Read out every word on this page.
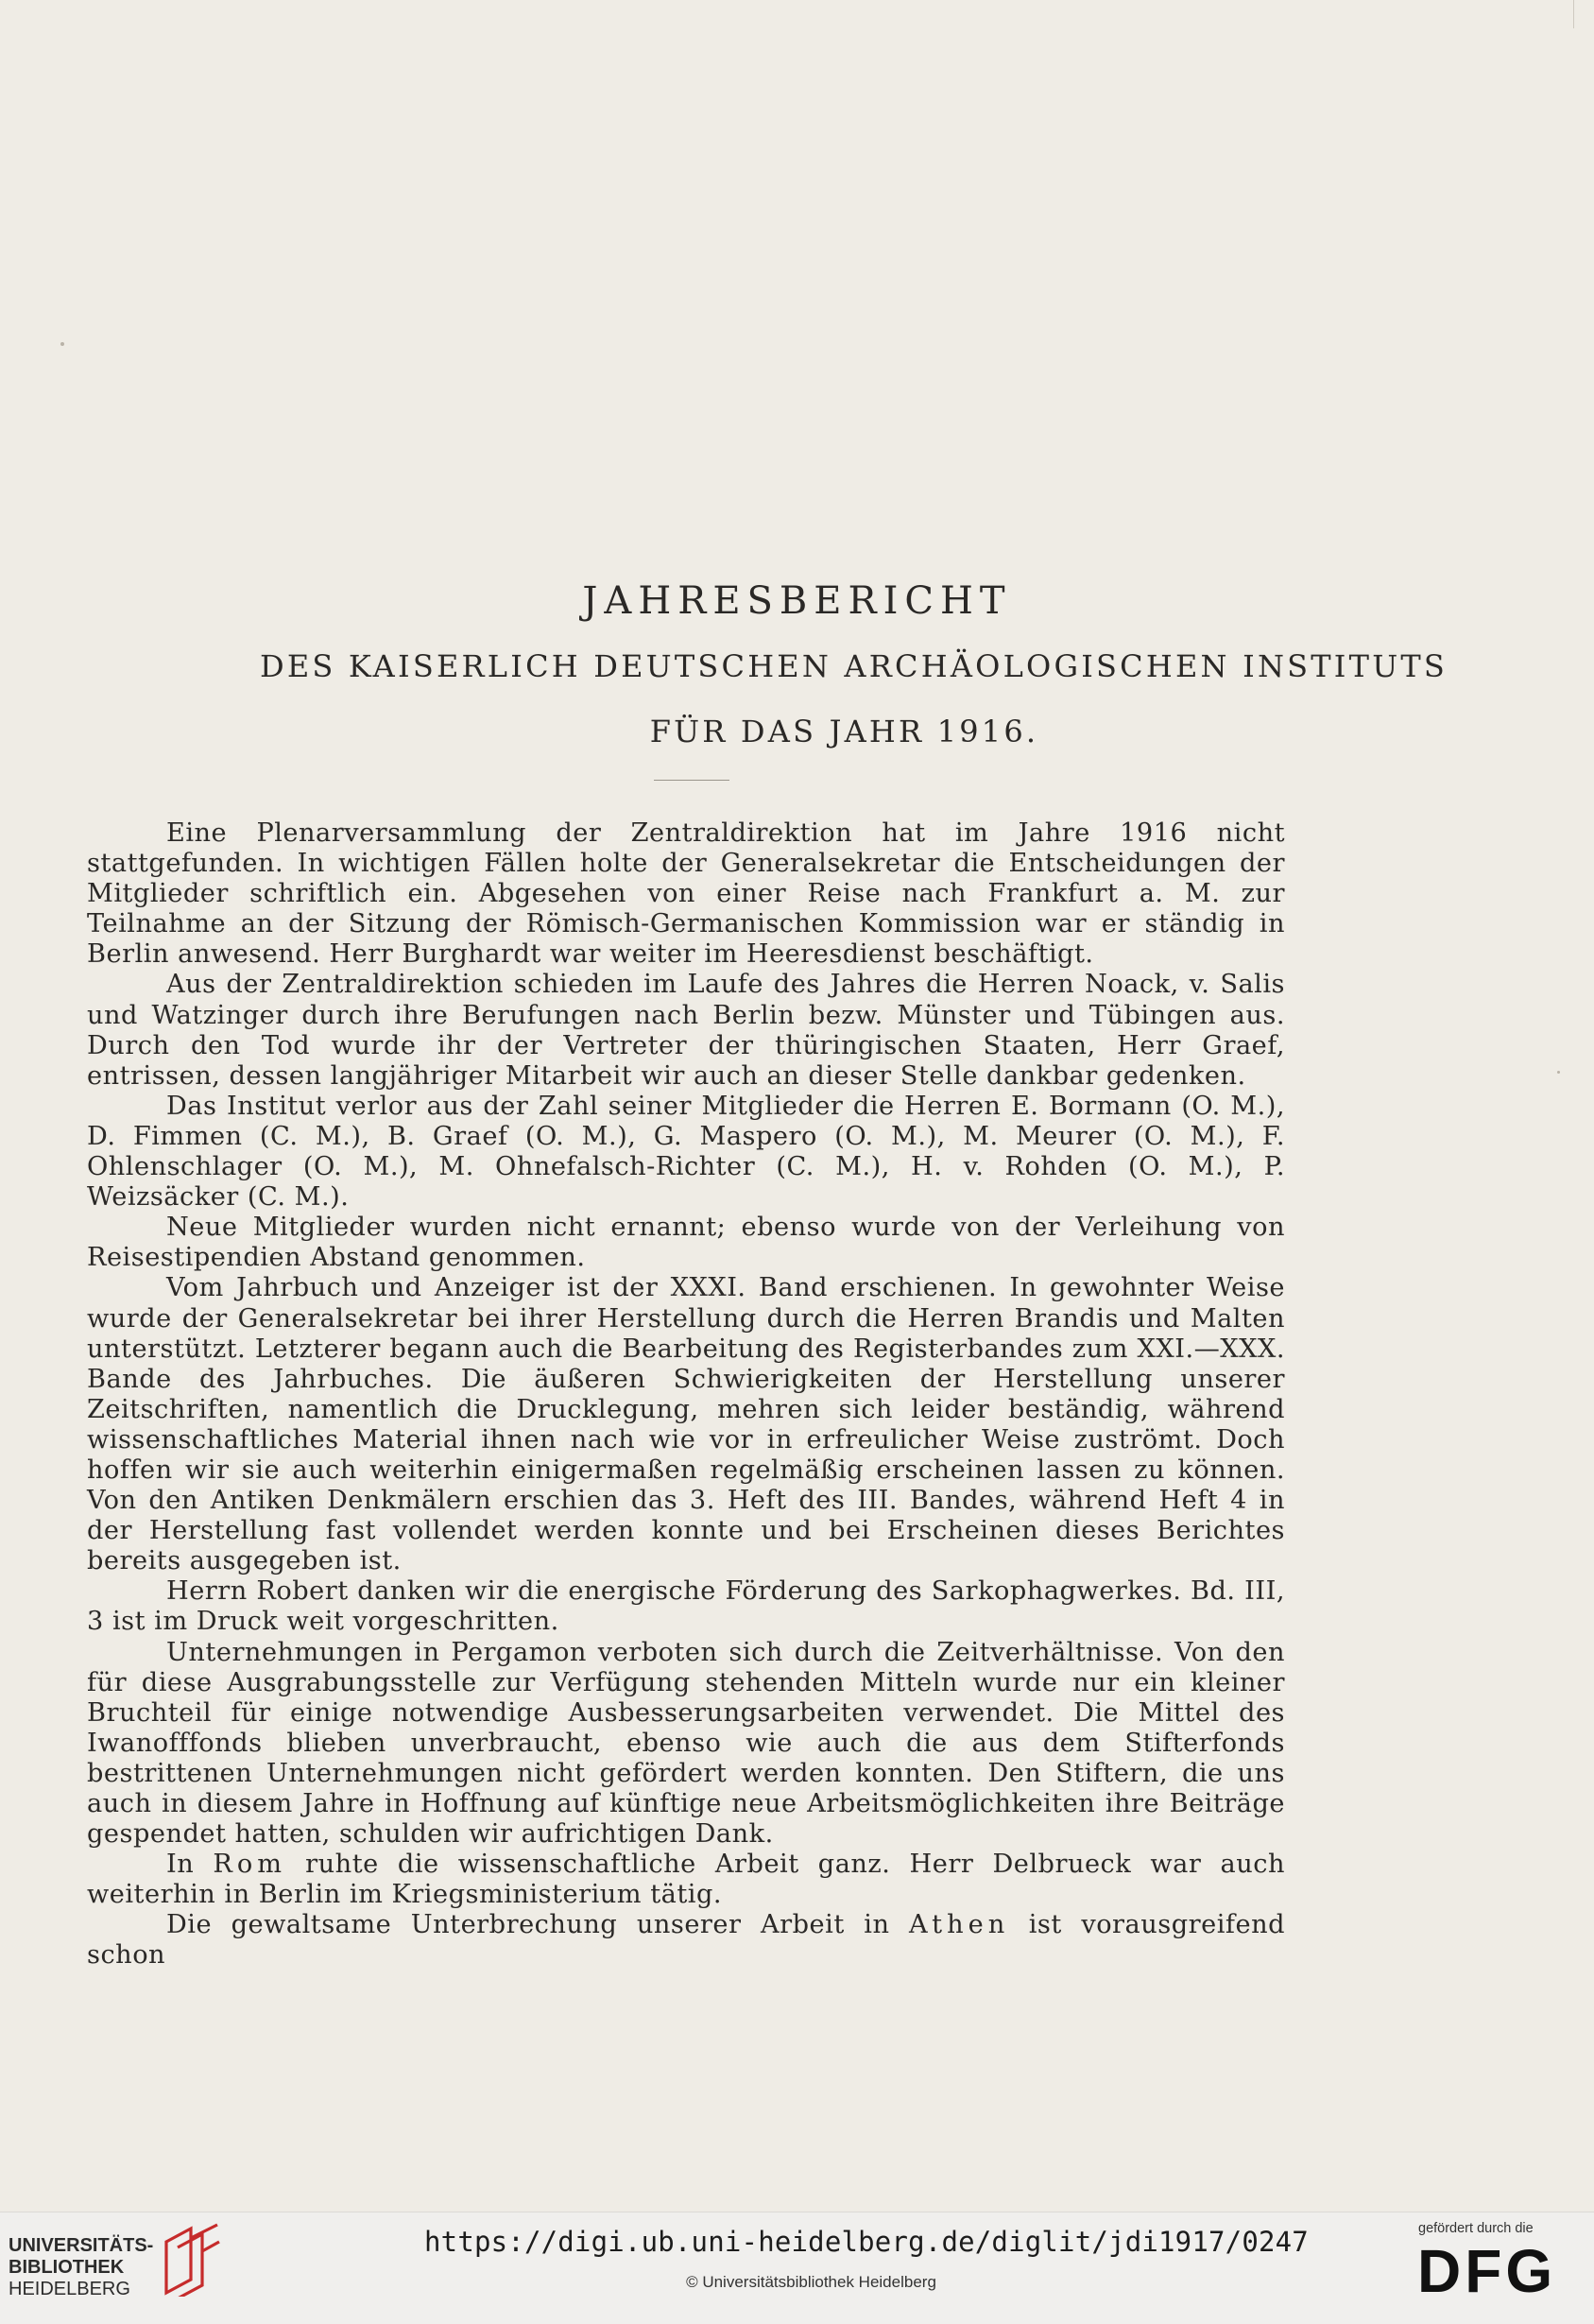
JAHRESBERICHT
DES KAISERLICH DEUTSCHEN ARCHÄOLOGISCHEN INSTITUTS
FÜR DAS JAHR 1916.

Eine Plenarversammlung der Zentraldirektion hat im Jahre 1916 nicht stattgefunden. In wichtigen Fällen holte der Generalsekretar die Entscheidungen der Mitglieder schriftlich ein. Abgesehen von einer Reise nach Frankfurt a. M. zur Teilnahme an der Sitzung der Römisch-Germanischen Kommission war er ständig in Berlin anwesend. Herr Burghardt war weiter im Heeresdienst beschäftigt.

Aus der Zentraldirektion schieden im Laufe des Jahres die Herren Noack, v. Salis und Watzinger durch ihre Berufungen nach Berlin bezw. Münster und Tübingen aus. Durch den Tod wurde ihr der Vertreter der thüringischen Staaten, Herr Graef, entrissen, dessen langjähriger Mitarbeit wir auch an dieser Stelle dankbar gedenken.

Das Institut verlor aus der Zahl seiner Mitglieder die Herren E. Bormann (O. M.), D. Fimmen (C. M.), B. Graef (O. M.), G. Maspero (O. M.), M. Meurer (O. M.), F. Ohlenschlager (O. M.), M. Ohnefalsch-Richter (C. M.), H. v. Rohden (O. M.), P. Weizsäcker (C. M.).

Neue Mitglieder wurden nicht ernannt; ebenso wurde von der Verleihung von Reisestipendien Abstand genommen.

Vom Jahrbuch und Anzeiger ist der XXXI. Band erschienen. In gewohnter Weise wurde der Generalsekretar bei ihrer Herstellung durch die Herren Brandis und Malten unterstützt. Letzterer begann auch die Bearbeitung des Registerbandes zum XXI.—XXX. Bande des Jahrbuches. Die äußeren Schwierigkeiten der Herstellung unserer Zeitschriften, namentlich die Drucklegung, mehren sich leider beständig, während wissenschaftliches Material ihnen nach wie vor in erfreulicher Weise zuströmt. Doch hoffen wir sie auch weiterhin einigermaßen regelmäßig erscheinen lassen zu können. Von den Antiken Denkmälern erschien das 3. Heft des III. Bandes, während Heft 4 in der Herstellung fast vollendet werden konnte und bei Erscheinen dieses Berichtes bereits ausgegeben ist.

Herrn Robert danken wir die energische Förderung des Sarkophagwerkes. Bd. III, 3 ist im Druck weit vorgeschritten.

Unternehmungen in Pergamon verboten sich durch die Zeitverhältnisse. Von den für diese Ausgrabungsstelle zur Verfügung stehenden Mitteln wurde nur ein kleiner Bruchteil für einige notwendige Ausbesserungsarbeiten verwendet. Die Mittel des Iwanofffonds blieben unverbraucht, ebenso wie auch die aus dem Stifterfonds bestrittenen Unternehmungen nicht gefördert werden konnten. Den Stiftern, die uns auch in diesem Jahre in Hoffnung auf künftige neue Arbeitsmöglichkeiten ihre Beiträge gespendet hatten, schulden wir aufrichtigen Dank.

In Rom ruhte die wissenschaftliche Arbeit ganz. Herr Delbrueck war auch weiterhin in Berlin im Kriegsministerium tätig.

Die gewaltsame Unterbrechung unserer Arbeit in Athen ist vorausgreifend schon

UNIVERSITÄTS-
BIBLIOTHEK
HEIDELBERG
https://digi.ub.uni-heidelberg.de/diglit/jdi1917/0247
© Universitätsbibliothek Heidelberg
gefördert durch die
DFG
